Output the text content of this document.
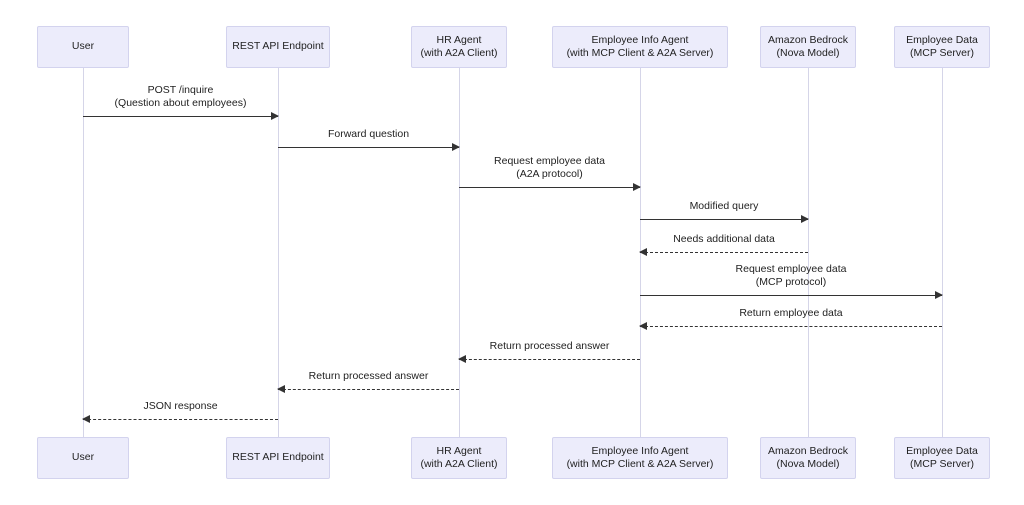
User
User
REST API Endpoint
REST API Endpoint
HR Agent
(with A2A Client)
HR Agent
(with A2A Client)
Employee Info Agent
(with MCP Client & A2A Server)
Employee Info Agent
(with MCP Client & A2A Server)
Amazon Bedrock
(Nova Model)
Amazon Bedrock
(Nova Model)
Employee Data
(MCP Server)
Employee Data
(MCP Server)
POST /inquire
(Question about employees)
Forward question
Request employee data
(A2A protocol)
Modified query
Needs additional data
Request employee data
(MCP protocol)
Return employee data
Return processed answer
Return processed answer
JSON response
